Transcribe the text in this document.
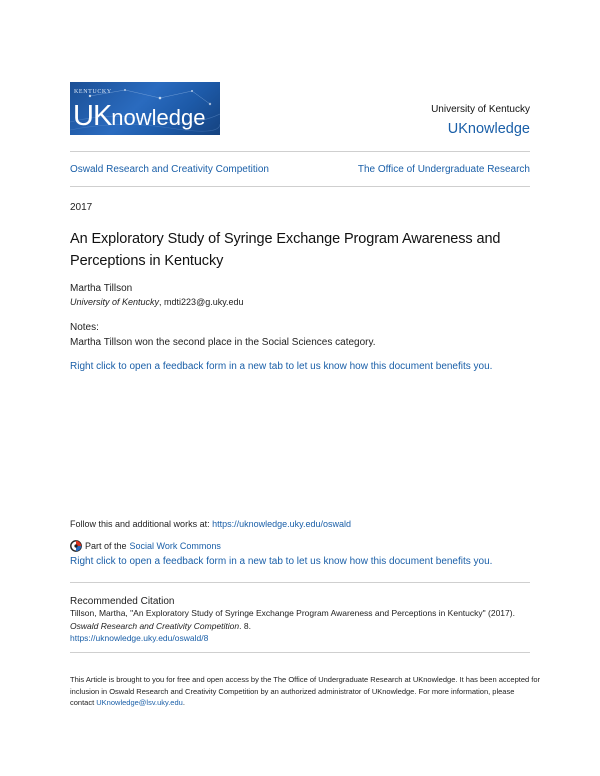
KENTUCKY
UKnowledge	University of Kentucky
UKnowledge
Oswald Research and Creativity Competition	The Office of Undergraduate Research
2017
An Exploratory Study of Syringe Exchange Program Awareness and Perceptions in Kentucky
Martha Tillson
University of Kentucky, mdti223@g.uky.edu
Notes:
Martha Tillson won the second place in the Social Sciences category.
Right click to open a feedback form in a new tab to let us know how this document benefits you.
Follow this and additional works at: https://uknowledge.uky.edu/oswald
Part of the Social Work Commons
Right click to open a feedback form in a new tab to let us know how this document benefits you.
Recommended Citation
Tillson, Martha, "An Exploratory Study of Syringe Exchange Program Awareness and Perceptions in Kentucky" (2017). Oswald Research and Creativity Competition. 8.
https://uknowledge.uky.edu/oswald/8
This Article is brought to you for free and open access by the The Office of Undergraduate Research at UKnowledge. It has been accepted for inclusion in Oswald Research and Creativity Competition by an authorized administrator of UKnowledge. For more information, please contact UKnowledge@lsv.uky.edu.
